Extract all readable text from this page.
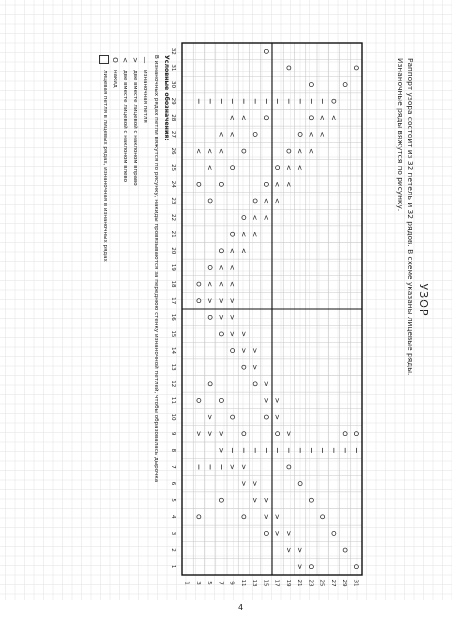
УЗОР
Раппорт узора состоит из 32 петель и 32 рядов. В схеме указаны лицевые ряды.
Изнаночные ряды вяжутся по рисунку.
<
>
<
<
<
>
>
>
<
<
<
<
>
>
>
>
<
<
<
<
<
>
>
>
>
<
<
<
>
>
>
>
<
<
>
>
>
>
<
<
>
>
>
>
<
<
>
>
>
>
<
<
>
>
>
<
<
>
>
<
<
<
<
<
32
31
30
29
28
27
26
25
24
23
22
21
20
19
18
17
16
15
14
13
12
11
10
9
8
7
6
5
4
3
2
1
1 3 5 7 9 11 13 15 17 19 21 23 25 27 29 31
Условные обозначения:
В изнаночных рядах петли вяжутся по рисунку, накиды провязываются за переднюю стенку изнаночной петлей, чтобы образовалась дырочка
—
изнаночная петля
>
две вместе лицевой с наклоном вправо
<
две вместе лицевой с наклоном влево
O
накид
лицевая петля в лицевых рядах, изнаночная в изнаночных рядах
4
